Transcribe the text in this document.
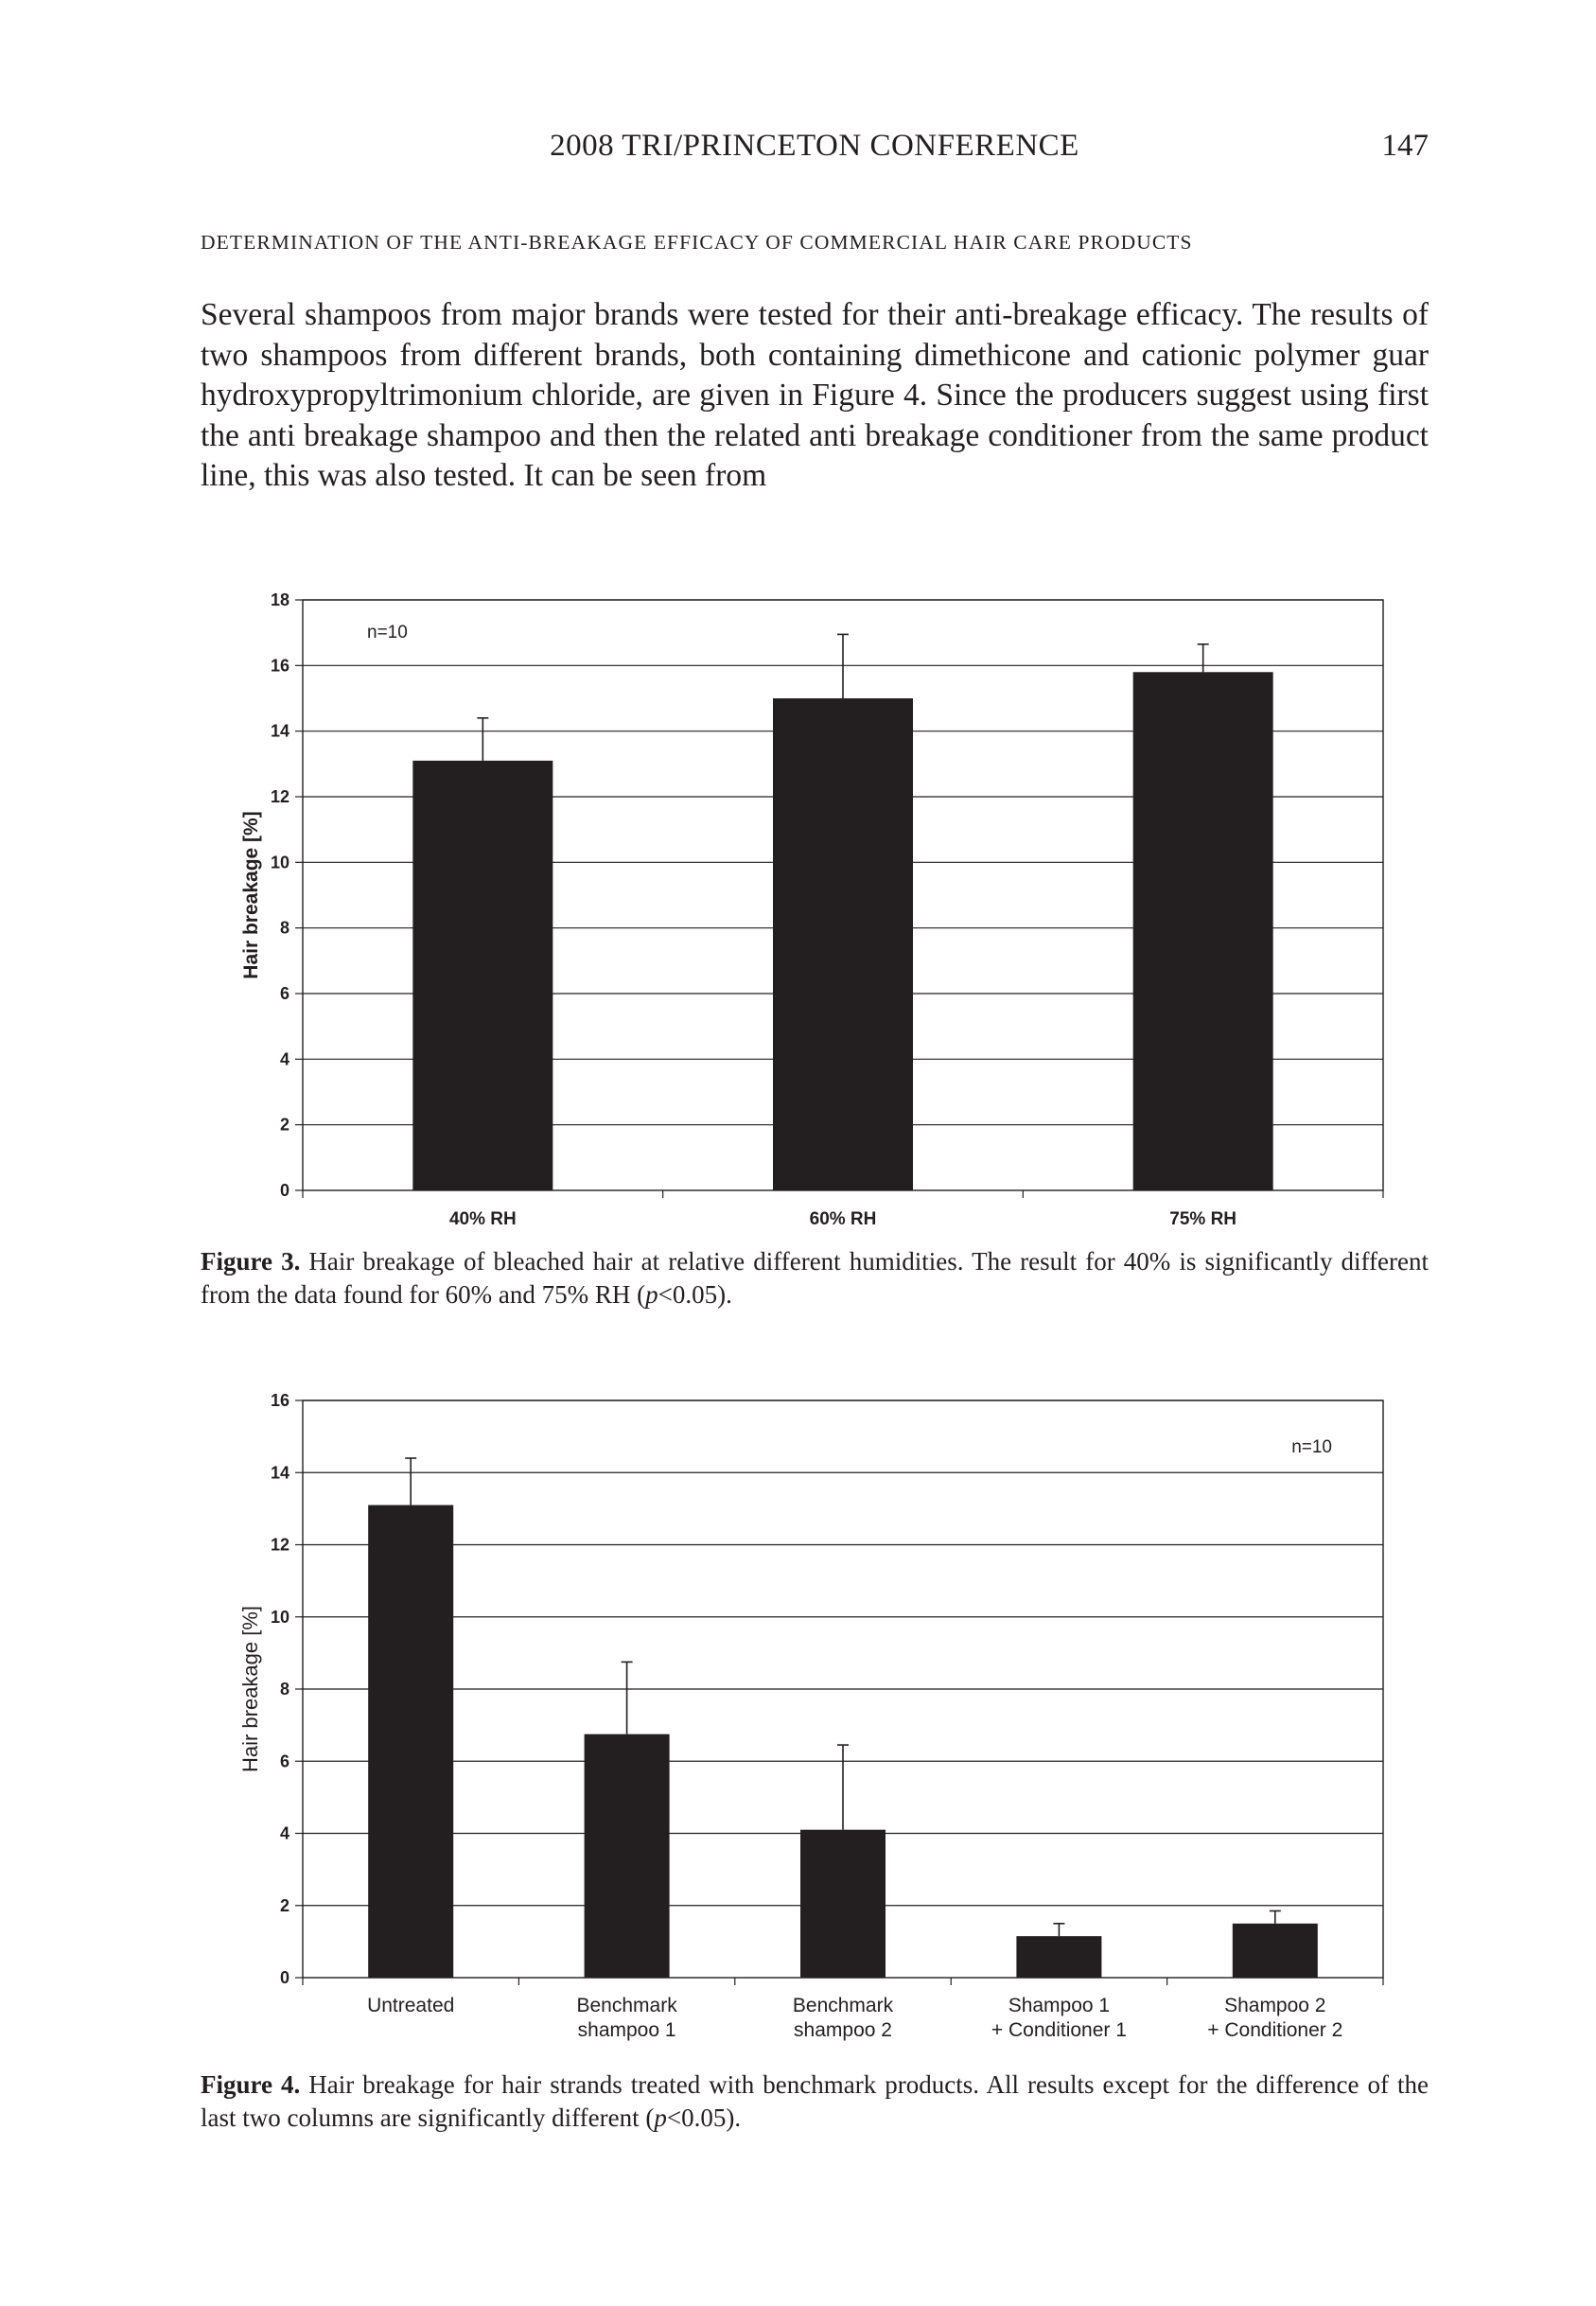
2008 TRI/PRINCETON CONFERENCE	147
DETERMINATION OF THE ANTI-BREAKAGE EFFICACY OF COMMERCIAL HAIR CARE PRODUCTS
Several shampoos from major brands were tested for their anti-breakage efficacy. The results of two shampoos from different brands, both containing dimethicone and cationic polymer guar hydroxypropyltrimonium chloride, are given in Figure 4. Since the producers suggest using first the anti breakage shampoo and then the related anti breakage conditioner from the same product line, this was also tested. It can be seen from
0
2
4
6
8
10
12
14
16
18
40% RH	60% RH	75% RH
Hair breakage [%]
n=10
Figure 3. Hair breakage of bleached hair at relative different humidities. The result for 40% is significantly different from the data found for 60% and 75% RH (p<0.05).
0
2
4
6
8
10
12
14
16
Untreated	Benchmark
shampoo 1
Benchmark
shampoo 2
Shampoo 1
+ Conditioner 1
Shampoo 2
+ Conditioner 2
Hair breakage [%]
n=10
Figure 4. Hair breakage for hair strands treated with benchmark products. All results except for the difference of the last two columns are significantly different (p<0.05).
